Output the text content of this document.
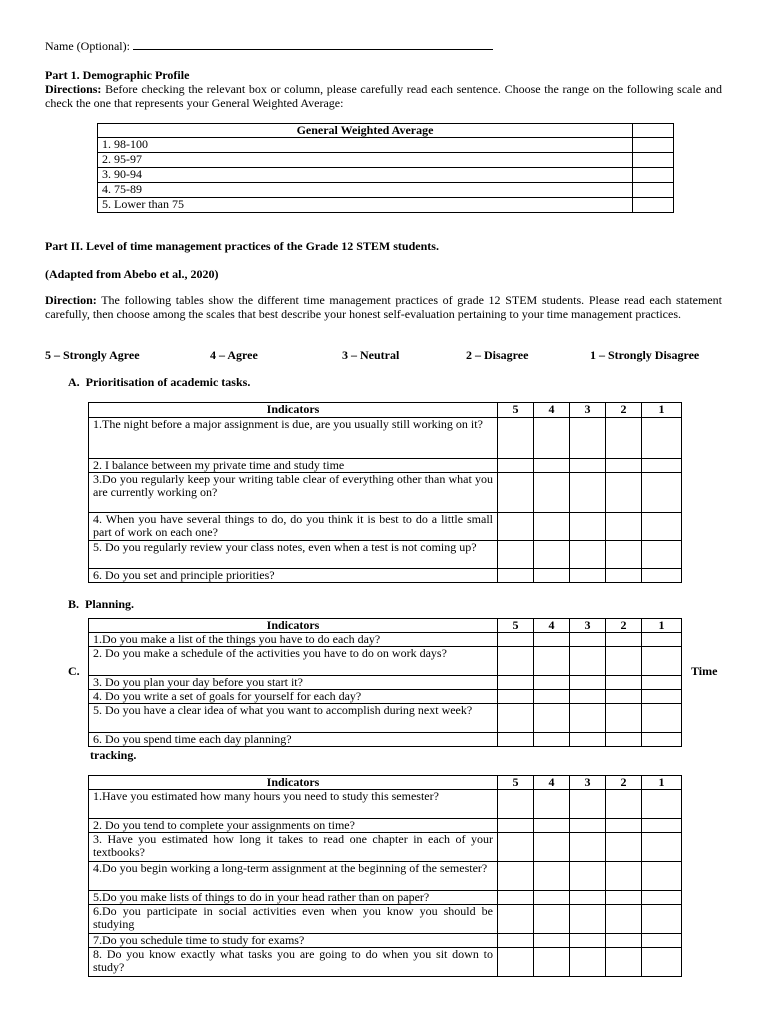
Name (Optional):
Part 1. Demographic Profile

Directions: Before checking the relevant box or column, please carefully read each sentence. Choose the range on the following scale and check the one that represents your General Weighted Average:

General Weighted Average	
1. 98-100	
2. 95-97	
3. 90-94	
4. 75-89	
5. Lower than 75	
Part II. Level of time management practices of the Grade 12 STEM students.
(Adapted from Abebo et al., 2020)

Direction: The following tables show the different time management practices of grade 12 STEM students. Please read each statement carefully, then choose among the scales that best describe your honest self-evaluation pertaining to your time management practices.

5 – Strongly Agree	4 – Agree	3 – Neutral	2 – Disagree	1 – Strongly Disagree
A. Prioritisation of academic tasks.
Indicators	5	4	3	2	1
1.The night before a major assignment is due, are you usually still working on it?					
2. I balance between my private time and study time					
3.Do you regularly keep your writing table clear of everything other than what you are currently working on?					
4. When you have several things to do, do you think it is best to do a little small part of work on each one?					
5. Do you regularly review your class notes, even when a test is not coming up?					
6. Do you set and principle priorities?					
B. Planning.
Indicators	5	4	3	2	1
1.Do you make a list of the things you have to do each day?					
2. Do you make a schedule of the activities you have to do on work days?					
3. Do you plan your day before you start it?					
4. Do you write a set of goals for yourself for each day?					
5. Do you have a clear idea of what you want to accomplish during next week?					
6. Do you spend time each day planning?					
C.	Time
tracking.
Indicators	5	4	3	2	1
1.Have you estimated how many hours you need to study this semester?					
2. Do you tend to complete your assignments on time?					
3. Have you estimated how long it takes to read one chapter in each of your textbooks?					
4.Do you begin working a long-term assignment at the beginning of the semester?					
5.Do you make lists of things to do in your head rather than on paper?					
6.Do you participate in social activities even when you know you should be studying					
7.Do you schedule time to study for exams?					
8. Do you know exactly what tasks you are going to do when you sit down to study?					
